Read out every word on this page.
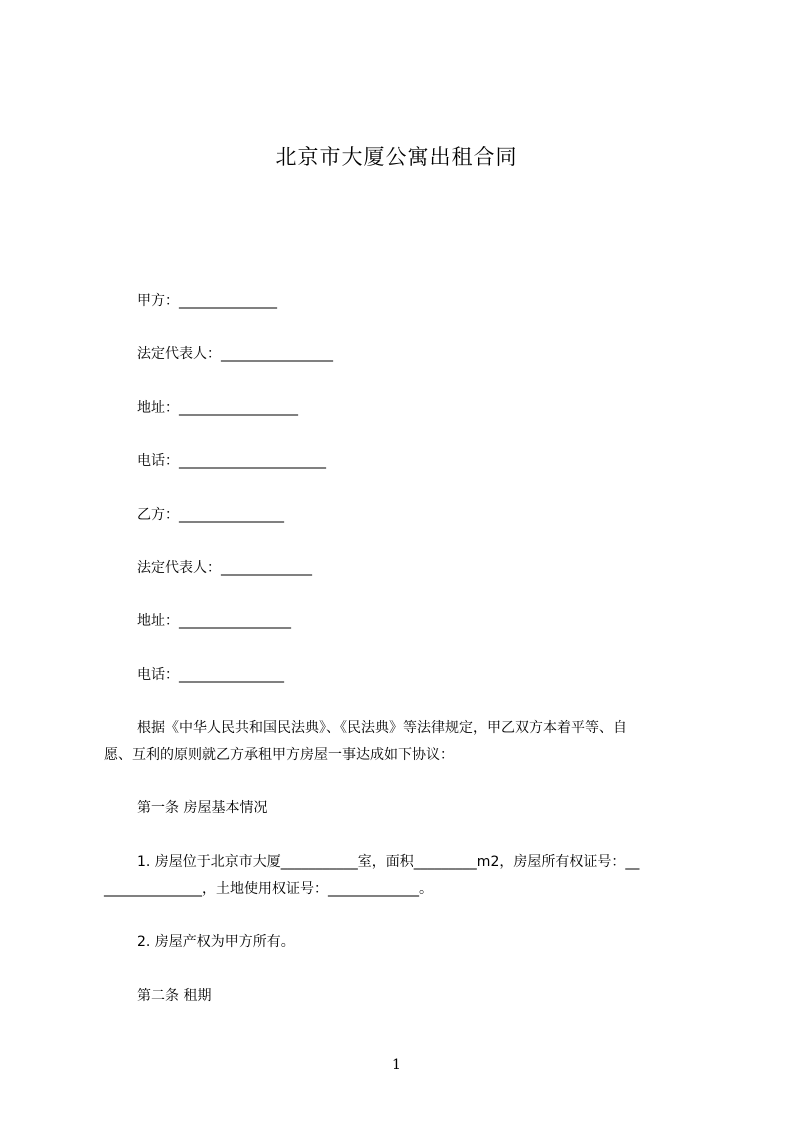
北京市大厦公寓出租合同
甲方：______________
法定代表人：________________
地址：_________________
电话：_____________________
乙方：_______________
法定代表人：_____________
地址：________________
电话：_______________
根据《中华人民共和国民法典》、《民法典》等法律规定，甲乙双方本着平等、自
愿、互利的原则就乙方承租甲方房屋一事达成如下协议：
第一条 房屋基本情况
1. 房屋位于北京市大厦___________室，面积_________m2，房屋所有权证号：__
______________，土地使用权证号：_____________。
2. 房屋产权为甲方所有。
第二条 租期
1
